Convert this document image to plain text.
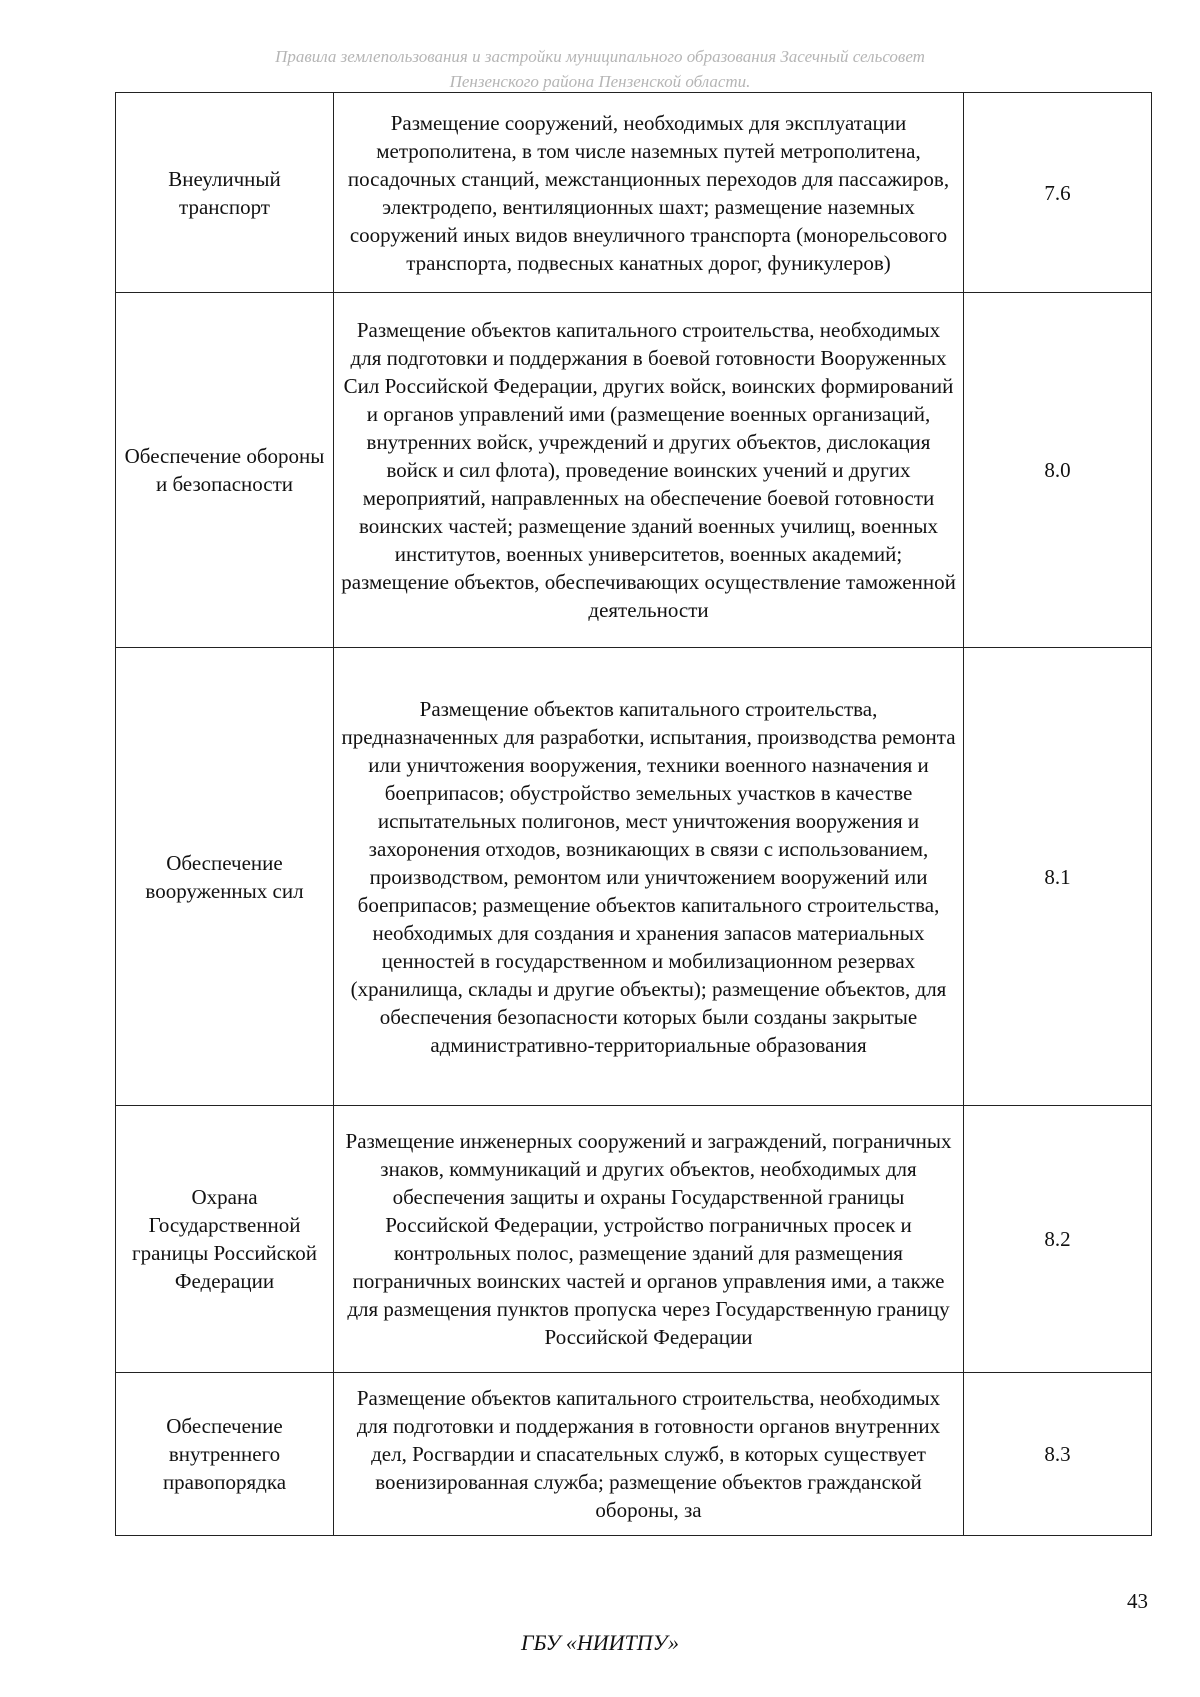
Правила землепользования и застройки муниципального образования Засечный сельсовет
Пензенского района Пензенской области.
Внеуличный транспорт	Размещение сооружений, необходимых для эксплуатации метрополитена, в том числе наземных путей метрополитена, посадочных станций, межстанционных переходов для пассажиров, электродепо, вентиляционных шахт; размещение наземных сооружений иных видов внеуличного транспорта (монорельсового транспорта, подвесных канатных дорог, фуникулеров)	7.6
Обеспечение обороны и безопасности	Размещение объектов капитального строительства, необходимых для подготовки и поддержания в боевой готовности Вооруженных Сил Российской Федерации, других войск, воинских формирований и органов управлений ими (размещение военных организаций, внутренних войск, учреждений и других объектов, дислокация войск и сил флота), проведение воинских учений и других мероприятий, направленных на обеспечение боевой готовности воинских частей; размещение зданий военных училищ, военных институтов, военных университетов, военных академий; размещение объектов, обеспечивающих осуществление таможенной деятельности	8.0
Обеспечение вооруженных сил	Размещение объектов капитального строительства, предназначенных для разработки, испытания, производства ремонта или уничтожения вооружения, техники военного назначения и боеприпасов; обустройство земельных участков в качестве испытательных полигонов, мест уничтожения вооружения и захоронения отходов, возникающих в связи с использованием, производством, ремонтом или уничтожением вооружений или боеприпасов; размещение объектов капитального строительства, необходимых для создания и хранения запасов материальных ценностей в государственном и мобилизационном резервах (хранилища, склады и другие объекты); размещение объектов, для обеспечения безопасности которых были созданы закрытые административно-территориальные образования	8.1
Охрана Государственной границы Российской Федерации	Размещение инженерных сооружений и заграждений, пограничных знаков, коммуникаций и других объектов, необходимых для обеспечения защиты и охраны Государственной границы Российской Федерации, устройство пограничных просек и контрольных полос, размещение зданий для размещения пограничных воинских частей и органов управления ими, а также для размещения пунктов пропуска через Государственную границу Российской Федерации	8.2
Обеспечение внутреннего правопорядка	Размещение объектов капитального строительства, необходимых для подготовки и поддержания в готовности органов внутренних дел, Росгвардии и спасательных служб, в которых существует военизированная служба; размещение объектов гражданской обороны, за	8.3
43
ГБУ «НИИТПУ»
